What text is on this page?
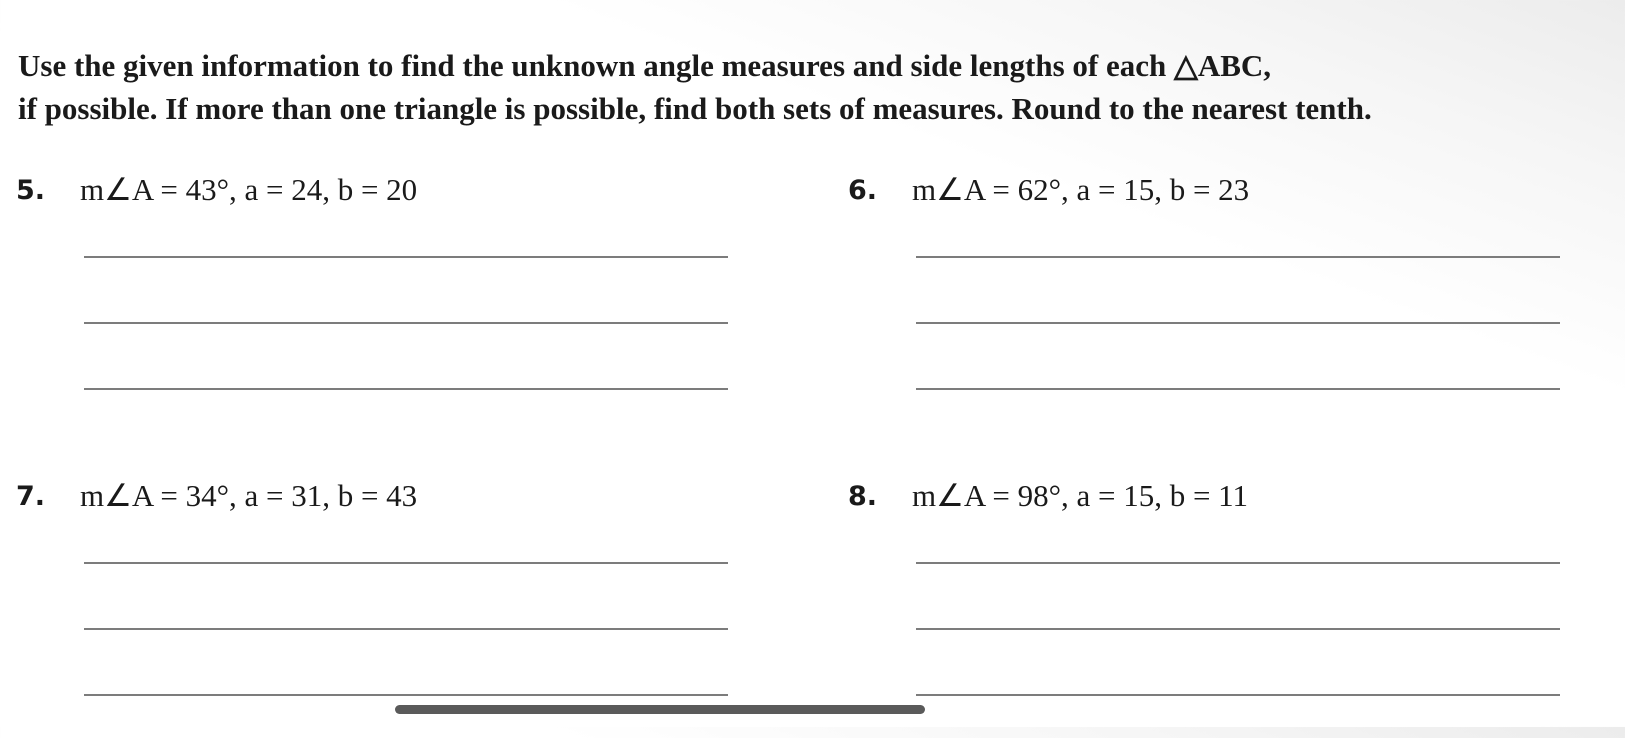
Use the given information to find the unknown angle measures and side lengths of each △ABC,
if possible. If more than one triangle is possible, find both sets of measures. Round to the nearest tenth.
5. m∠A = 43°, a = 24, b = 20	6. m∠A = 62°, a = 15, b = 23
7. m∠A = 34°, a = 31, b = 43	8. m∠A = 98°, a = 15, b = 11
